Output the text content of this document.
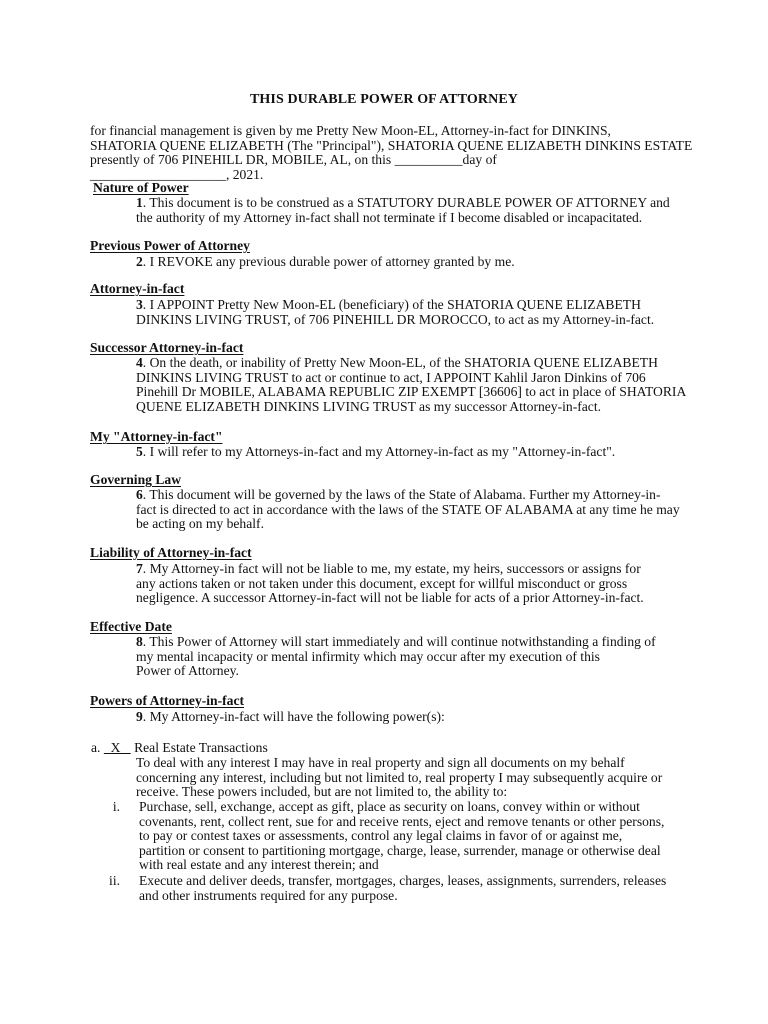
THIS DURABLE POWER OF ATTORNEY
for financial management is given by me Pretty New Moon-EL, Attorney-in-fact for DINKINS,
SHATORIA QUENE ELIZABETH (The "Principal"), SHATORIA QUENE ELIZABETH DINKINS ESTATE
presently of 706 PINEHILL DR, MOBILE, AL, on this __________day of
____________________, 2021.
Nature of Power
1. This document is to be construed as a STATUTORY DURABLE POWER OF ATTORNEY and
the authority of my Attorney in-fact shall not terminate if I become disabled or incapacitated.
Previous Power of Attorney
2. I REVOKE any previous durable power of attorney granted by me.
Attorney-in-fact
3. I APPOINT Pretty New Moon-EL (beneficiary) of the SHATORIA QUENE ELIZABETH
DINKINS LIVING TRUST, of 706 PINEHILL DR MOROCCO, to act as my Attorney-in-fact.
Successor Attorney-in-fact
4. On the death, or inability of Pretty New Moon-EL, of the SHATORIA QUENE ELIZABETH
DINKINS LIVING TRUST to act or continue to act, I APPOINT Kahlil Jaron Dinkins of 706
Pinehill Dr MOBILE, ALABAMA REPUBLIC ZIP EXEMPT [36606] to act in place of SHATORIA
QUENE ELIZABETH DINKINS LIVING TRUST as my successor Attorney-in-fact.
My "Attorney-in-fact"
5. I will refer to my Attorneys-in-fact and my Attorney-in-fact as my "Attorney-in-fact".
Governing Law
6. This document will be governed by the laws of the State of Alabama. Further my Attorney-in-
fact is directed to act in accordance with the laws of the STATE OF ALABAMA at any time he may
be acting on my behalf.
Liability of Attorney-in-fact
7. My Attorney-in fact will not be liable to me, my estate, my heirs, successors or assigns for
any actions taken or not taken under this document, except for willful misconduct or gross
negligence. A successor Attorney-in-fact will not be liable for acts of a prior Attorney-in-fact.
Effective Date
8. This Power of Attorney will start immediately and will continue notwithstanding a finding of
my mental incapacity or mental infirmity which may occur after my execution of this
Power of Attorney.
Powers of Attorney-in-fact
9. My Attorney-in-fact will have the following power(s):
a. X Real Estate Transactions
To deal with any interest I may have in real property and sign all documents on my behalf
concerning any interest, including but not limited to, real property I may subsequently acquire or
receive. These powers included, but are not limited to, the ability to:
i. Purchase, sell, exchange, accept as gift, place as security on loans, convey within or without
covenants, rent, collect rent, sue for and receive rents, eject and remove tenants or other persons,
to pay or contest taxes or assessments, control any legal claims in favor of or against me,
partition or consent to partitioning mortgage, charge, lease, surrender, manage or otherwise deal
with real estate and any interest therein; and
ii. Execute and deliver deeds, transfer, mortgages, charges, leases, assignments, surrenders, releases
and other instruments required for any purpose.
